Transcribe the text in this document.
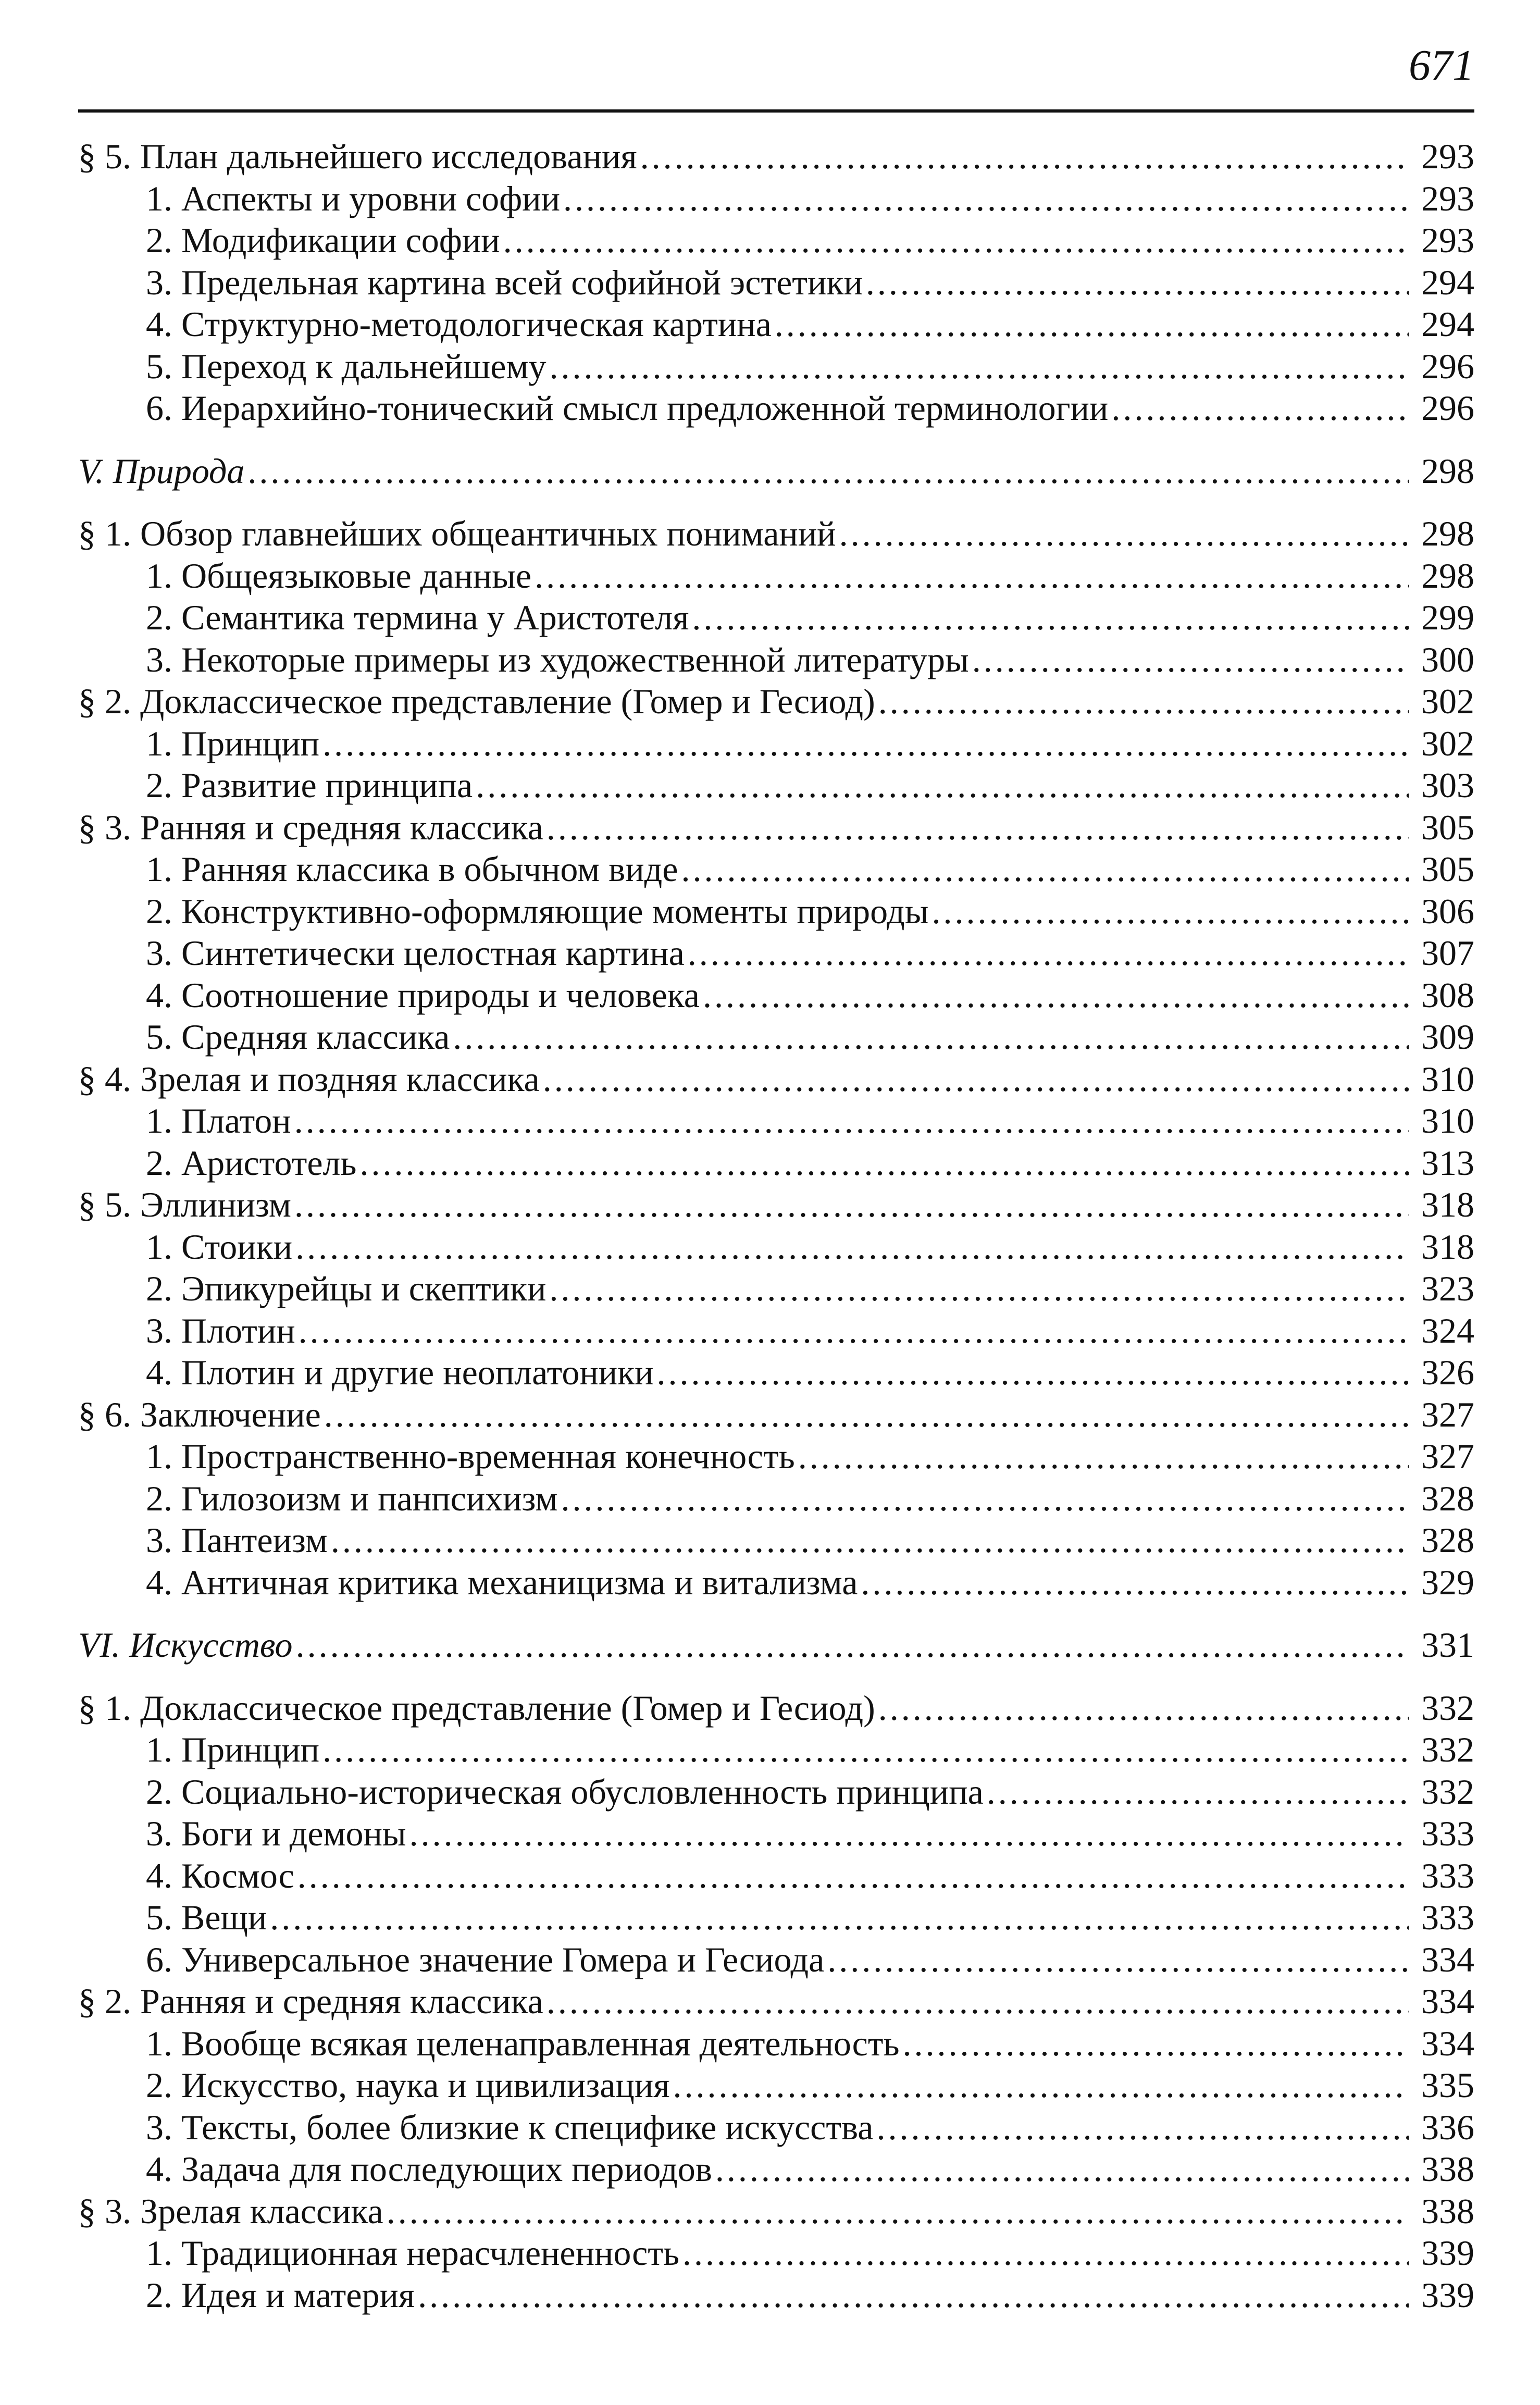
671
§ 5. План дальнейшего исследования .....	293
1. Аспекты и уровни софии .....	293
2. Модификации софии .....	293
3. Предельная картина всей софийной эстетики .....	294
4. Структурно-методологическая картина .....	294
5. Переход к дальнейшему .....	296
6. Иерархийно-тонический смысл предложенной терминологии .....	296
V. Природа .....	298
§ 1. Обзор главнейших общеантичных пониманий .....	298
1. Общеязыковые данные .....	298
2. Семантика термина у Аристотеля .....	299
3. Некоторые примеры из художественной литературы .....	300
§ 2. Доклассическое представление (Гомер и Гесиод) .....	302
1. Принцип .....	302
2. Развитие принципа .....	303
§ 3. Ранняя и средняя классика .....	305
1. Ранняя классика в обычном виде .....	305
2. Конструктивно-оформляющие моменты природы .....	306
3. Синтетически целостная картина .....	307
4. Соотношение природы и человека .....	308
5. Средняя классика .....	309
§ 4. Зрелая и поздняя классика .....	310
1. Платон .....	310
2. Аристотель .....	313
§ 5. Эллинизм .....	318
1. Стоики .....	318
2. Эпикурейцы и скептики .....	323
3. Плотин .....	324
4. Плотин и другие неоплатоники .....	326
§ 6. Заключение .....	327
1. Пространственно-временная конечность .....	327
2. Гилозоизм и панпсихизм .....	328
3. Пантеизм .....	328
4. Античная критика механицизма и витализма .....	329
VI. Искусство .....	331
§ 1. Доклассическое представление (Гомер и Гесиод) .....	332
1. Принцип .....	332
2. Социально-историческая обусловленность принципа .....	332
3. Боги и демоны .....	333
4. Космос .....	333
5. Вещи .....	333
6. Универсальное значение Гомера и Гесиода .....	334
§ 2. Ранняя и средняя классика .....	334
1. Вообще всякая целенаправленная деятельность .....	334
2. Искусство, наука и цивилизация .....	335
3. Тексты, более близкие к специфике искусства .....	336
4. Задача для последующих периодов .....	338
§ 3. Зрелая классика .....	338
1. Традиционная нерасчлененность .....	339
2. Идея и материя .....	339
